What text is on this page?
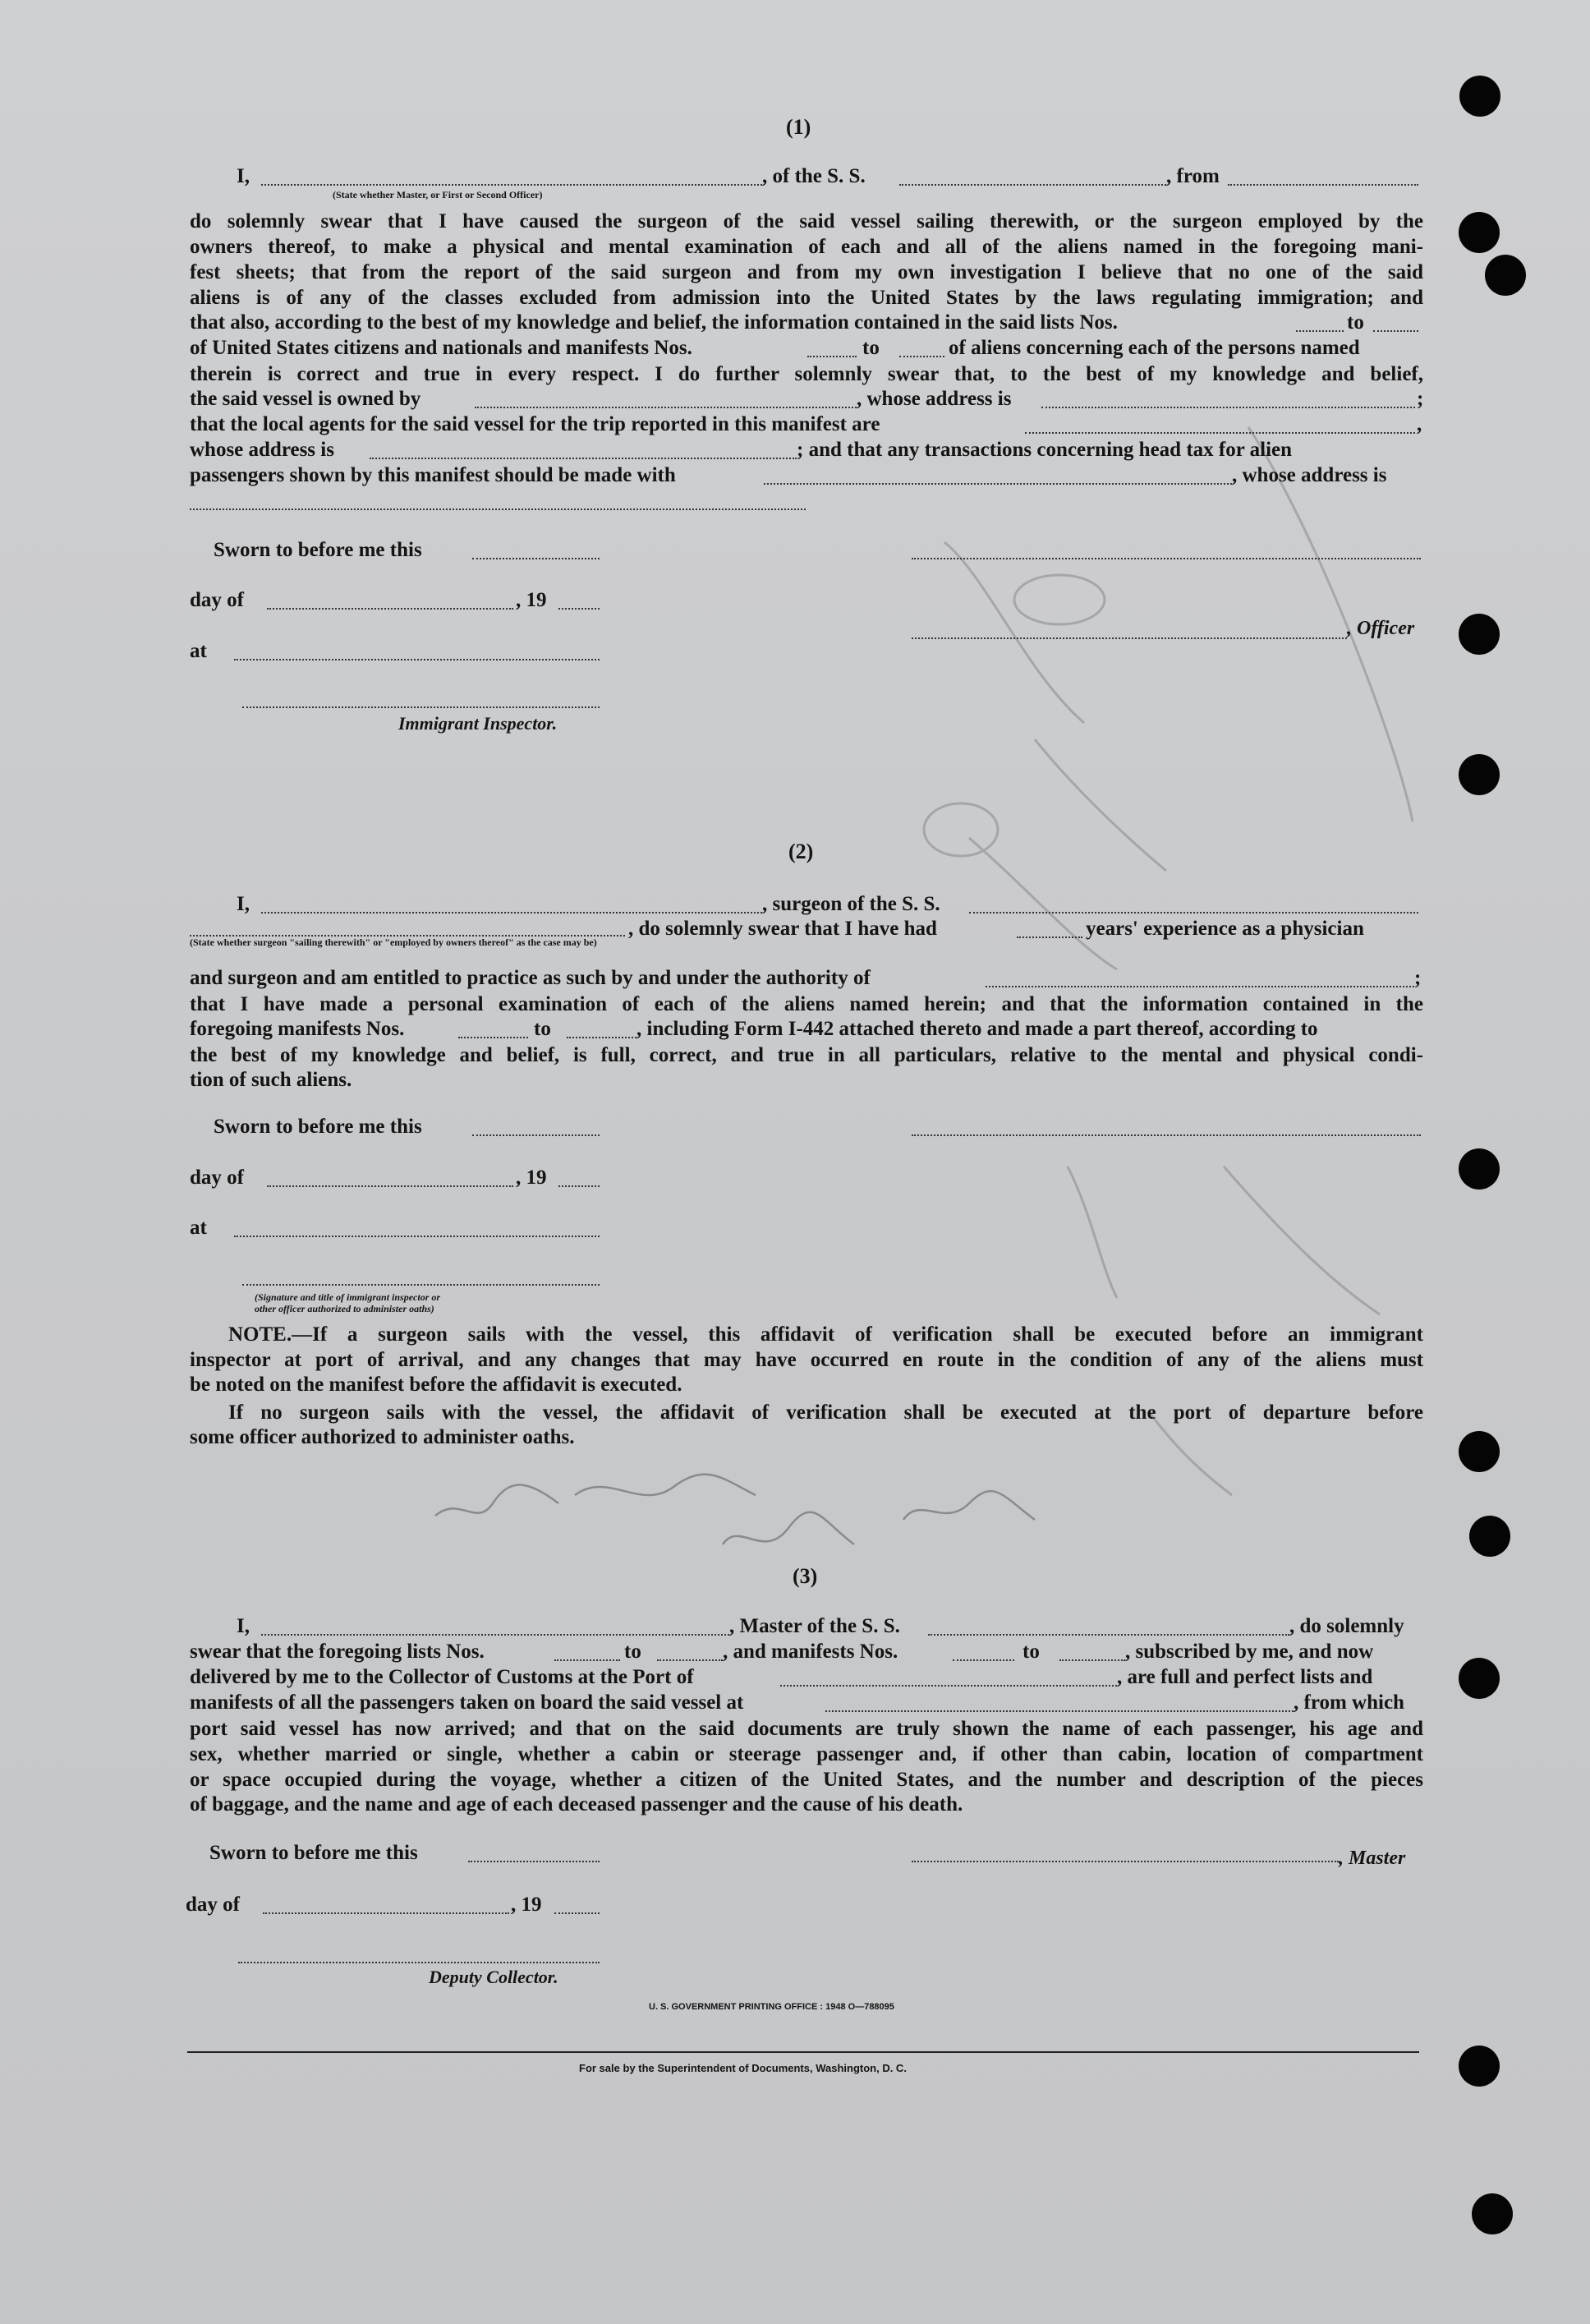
(1)
I,
(State whether Master, or First or Second Officer)
, of the S. S.	, from
do solemnly swear that I have caused the surgeon of the said vessel sailing therewith, or the surgeon employed by the
owners thereof, to make a physical and mental examination of each and all of the aliens named in the foregoing mani-
fest sheets; that from the report of the said surgeon and from my own investigation I believe that no one of the said
aliens is of any of the classes excluded from admission into the United States by the laws regulating immigration; and
that also, according to the best of my knowledge and belief, the information contained in the said lists Nos.	to
of United States citizens and nationals and manifests Nos.	to	of aliens concerning each of the persons named
therein is correct and true in every respect. I do further solemnly swear that, to the best of my knowledge and belief,
the said vessel is owned by	, whose address is	;
that the local agents for the said vessel for the trip reported in this manifest are	,
whose address is	; and that any transactions concerning head tax for alien
passengers shown by this manifest should be made with	, whose address is
Sworn to before me this
day of	, 19
, Officer
at
Immigrant Inspector.
(2)
I,	, surgeon of the S. S.
(State whether surgeon "sailing therewith" or "employed by owners thereof" as the case may be)
, do solemnly swear that I have had	years' experience as a physician
and surgeon and am entitled to practice as such by and under the authority of	;
that I have made a personal examination of each of the aliens named herein; and that the information contained in the
foregoing manifests Nos.	to	, including Form I-442 attached thereto and made a part thereof, according to
the best of my knowledge and belief, is full, correct, and true in all particulars, relative to the mental and physical condi-
tion of such aliens.
Sworn to before me this
day of	, 19
at
(Signature and title of immigrant inspector or
other officer authorized to administer oaths)
NOTE.—If a surgeon sails with the vessel, this affidavit of verification shall be executed before an immigrant
inspector at port of arrival, and any changes that may have occurred en route in the condition of any of the aliens must
be noted on the manifest before the affidavit is executed.
If no surgeon sails with the vessel, the affidavit of verification shall be executed at the port of departure before
some officer authorized to administer oaths.
(3)
I,	, Master of the S. S.	, do solemnly
swear that the foregoing lists Nos.	to	, and manifests Nos.	to	, subscribed by me, and now
delivered by me to the Collector of Customs at the Port of	, are full and perfect lists and
manifests of all the passengers taken on board the said vessel at	, from which
port said vessel has now arrived; and that on the said documents are truly shown the name of each passenger, his age and
sex, whether married or single, whether a cabin or steerage passenger and, if other than cabin, location of compartment
or space occupied during the voyage, whether a citizen of the United States, and the number and description of the pieces
of baggage, and the name and age of each deceased passenger and the cause of his death.
Sworn to before me this	, Master
day of	, 19
Deputy Collector.
U. S. GOVERNMENT PRINTING OFFICE : 1948 O—788095
For sale by the Superintendent of Documents, Washington, D. C.
